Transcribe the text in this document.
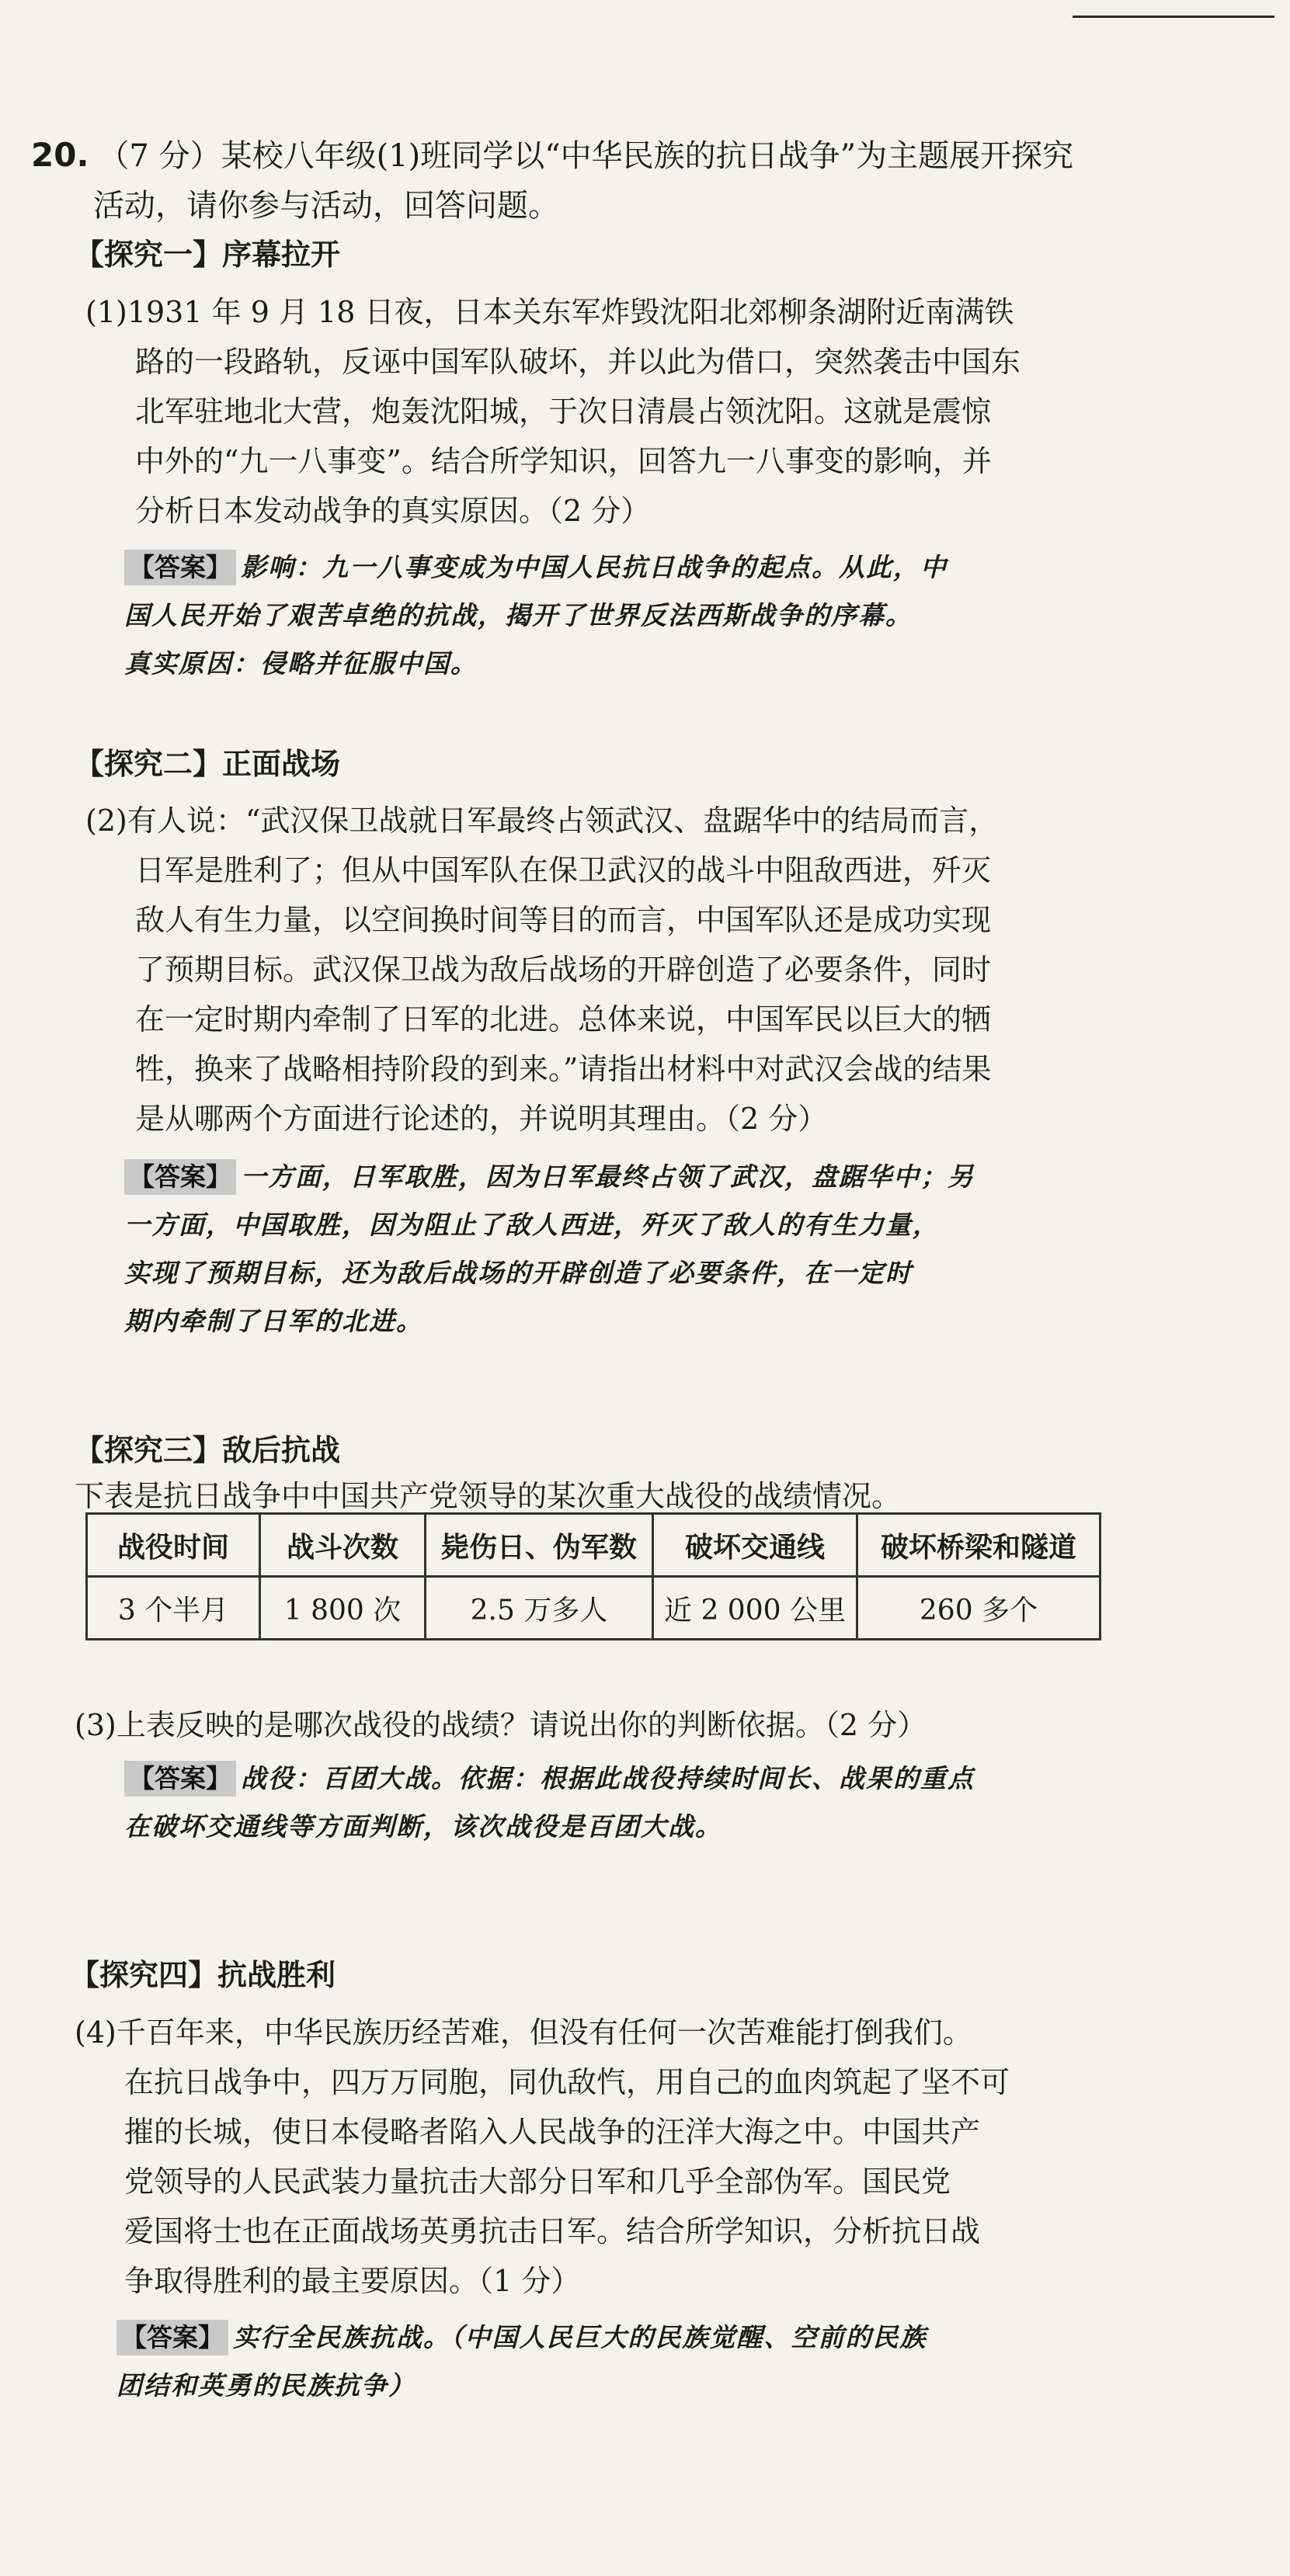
20. （7 分）某校八年级(1)班同学以“中华民族的抗日战争”为主题展开探究
活动，请你参与活动，回答问题。
【探究一】序幕拉开
(1)1931 年 9 月 18 日夜，日本关东军炸毁沈阳北郊柳条湖附近南满铁
路的一段路轨，反诬中国军队破坏，并以此为借口，突然袭击中国东
北军驻地北大营，炮轰沈阳城，于次日清晨占领沈阳。这就是震惊
中外的“九一八事变”。结合所学知识，回答九一八事变的影响，并
分析日本发动战争的真实原因。（2 分）
【答案】 影响：九一八事变成为中国人民抗日战争的起点。从此，中
国人民开始了艰苦卓绝的抗战，揭开了世界反法西斯战争的序幕。
真实原因：侵略并征服中国。
【探究二】正面战场
(2)有人说：“武汉保卫战就日军最终占领武汉、盘踞华中的结局而言，
日军是胜利了；但从中国军队在保卫武汉的战斗中阻敌西进，歼灭
敌人有生力量，以空间换时间等目的而言，中国军队还是成功实现
了预期目标。武汉保卫战为敌后战场的开辟创造了必要条件，同时
在一定时期内牵制了日军的北进。总体来说，中国军民以巨大的牺
牲，换来了战略相持阶段的到来。”请指出材料中对武汉会战的结果
是从哪两个方面进行论述的，并说明其理由。（2 分）
【答案】 一方面，日军取胜，因为日军最终占领了武汉，盘踞华中；另
一方面，中国取胜，因为阻止了敌人西进，歼灭了敌人的有生力量，
实现了预期目标，还为敌后战场的开辟创造了必要条件，在一定时
期内牵制了日军的北进。
【探究三】敌后抗战
下表是抗日战争中中国共产党领导的某次重大战役的战绩情况。
战役时间	战斗次数	毙伤日、伪军数	破坏交通线	破坏桥梁和隧道
3 个半月	1 800 次	2.5 万多人	近 2 000 公里	260 多个
(3)上表反映的是哪次战役的战绩？请说出你的判断依据。（2 分）
【答案】 战役：百团大战。依据：根据此战役持续时间长、战果的重点
在破坏交通线等方面判断，该次战役是百团大战。
【探究四】抗战胜利
(4)千百年来，中华民族历经苦难，但没有任何一次苦难能打倒我们。
在抗日战争中，四万万同胞，同仇敌忾，用自己的血肉筑起了坚不可
摧的长城，使日本侵略者陷入人民战争的汪洋大海之中。中国共产
党领导的人民武装力量抗击大部分日军和几乎全部伪军。国民党
爱国将士也在正面战场英勇抗击日军。结合所学知识，分析抗日战
争取得胜利的最主要原因。（1 分）
【答案】 实行全民族抗战。（中国人民巨大的民族觉醒、空前的民族
团结和英勇的民族抗争）
